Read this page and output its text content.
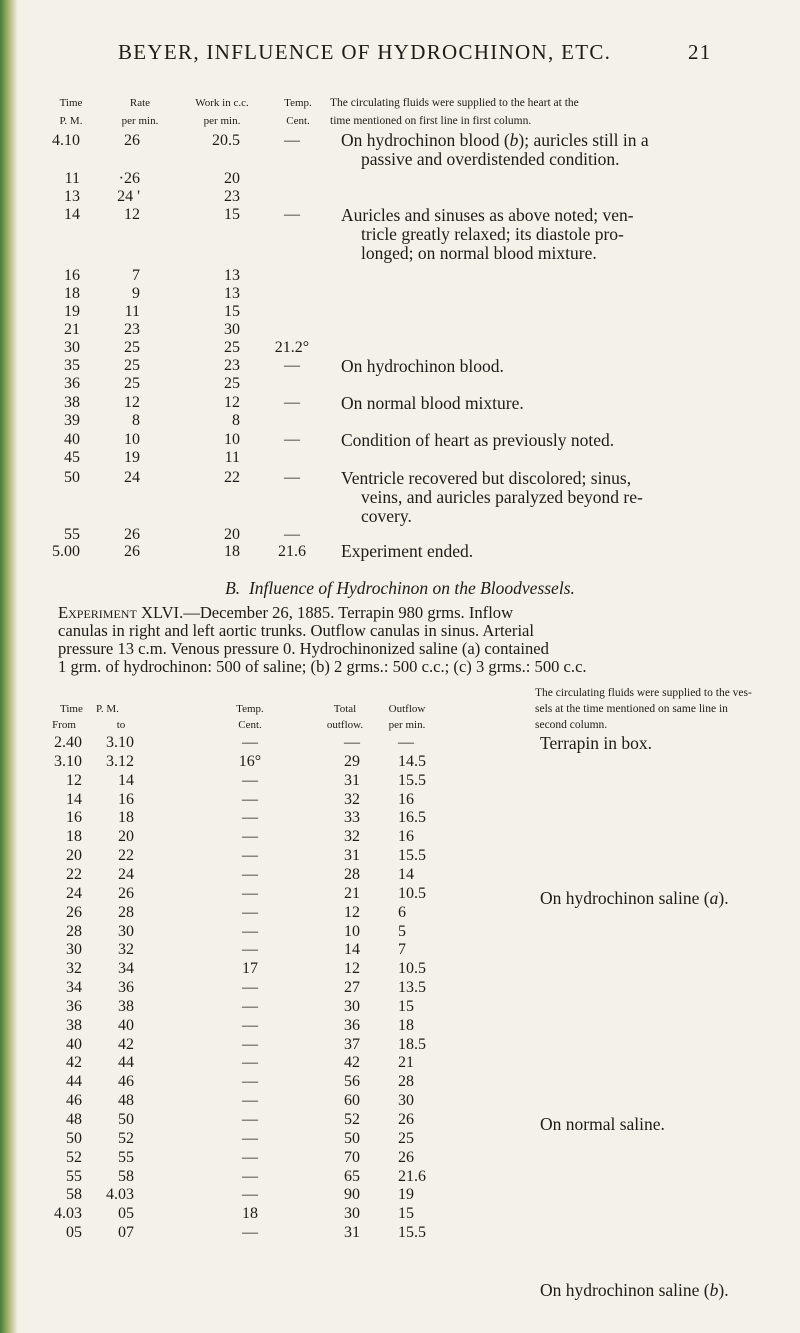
BEYER, INFLUENCE OF HYDROCHINON, ETC.	21
Time
P. M.
Rate
per min.
Work in c.c.
per min.
Temp.
Cent.
The circulating fluids were supplied to the heart at the
time mentioned on first line in first column.
4.10	26	20.5	—
11	·26	20
13	24 '	23
14	12	15	—
16	7	13
18	9	13
19	11	15
21	23	30
30	25	25	21.2°
35	25	23	—
36	25	25
38	12	12	—
39	8	8
40	10	10	—
45	19	11
50	24	22	—
55	26	20	—
5.00	26	18	21.6
On hydrochinon blood (b); auricles still in a
passive and overdistended condition.
Auricles and sinuses as above noted; ven-
tricle greatly relaxed; its diastole pro-
longed; on normal blood mixture.
On hydrochinon blood.
On normal blood mixture.
Condition of heart as previously noted.
Ventricle recovered but discolored; sinus,
veins, and auricles paralyzed beyond re-
covery.
Experiment ended.
B. Influence of Hydrochinon on the Bloodvessels.
Experiment XLVI.—December 26, 1885. Terrapin 980 grms. Inflow
canulas in right and left aortic trunks. Outflow canulas in sinus. Arterial
pressure 13 c.m. Venous pressure 0. Hydrochinonized saline (a) contained
1 grm. of hydrochinon: 500 of saline; (b) 2 grms.: 500 c.c.; (c) 3 grms.: 500 c.c.
The circulating fluids were supplied to the ves-
sels at the time mentioned on same line in
second column.
Time P. M.
From	to
Temp.
Cent.
Total
outflow.
Outflow
per min.
2.40	3.10	—	— —
3.10	3.12	16°	29 14.5
12	14	—	31 15.5
14	16	—	32 16
16	18	—	33 16.5
18	20	—	32 16
20	22	—	31 15.5
22	24	—	28 14
24	26	—	21 10.5
26	28	—	12 6
28	30	—	10 5
30	32	—	14 7
32	34	17	12 10.5
34	36	—	27 13.5
36	38	—	30 15
38	40	—	36 18
40	42	—	37 18.5
42	44	—	42 21
44	46	—	56 28
46	48	—	60 30
48	50	—	52 26
50	52	—	50 25
52	55	—	70 26
55	58	—	65 21.6
58	4.03	—	90 19
4.03	05	18	30 15
05	07	—	31 15.5
Terrapin in box.
On hydrochinon saline (a).
On normal saline.
On hydrochinon saline (b).
